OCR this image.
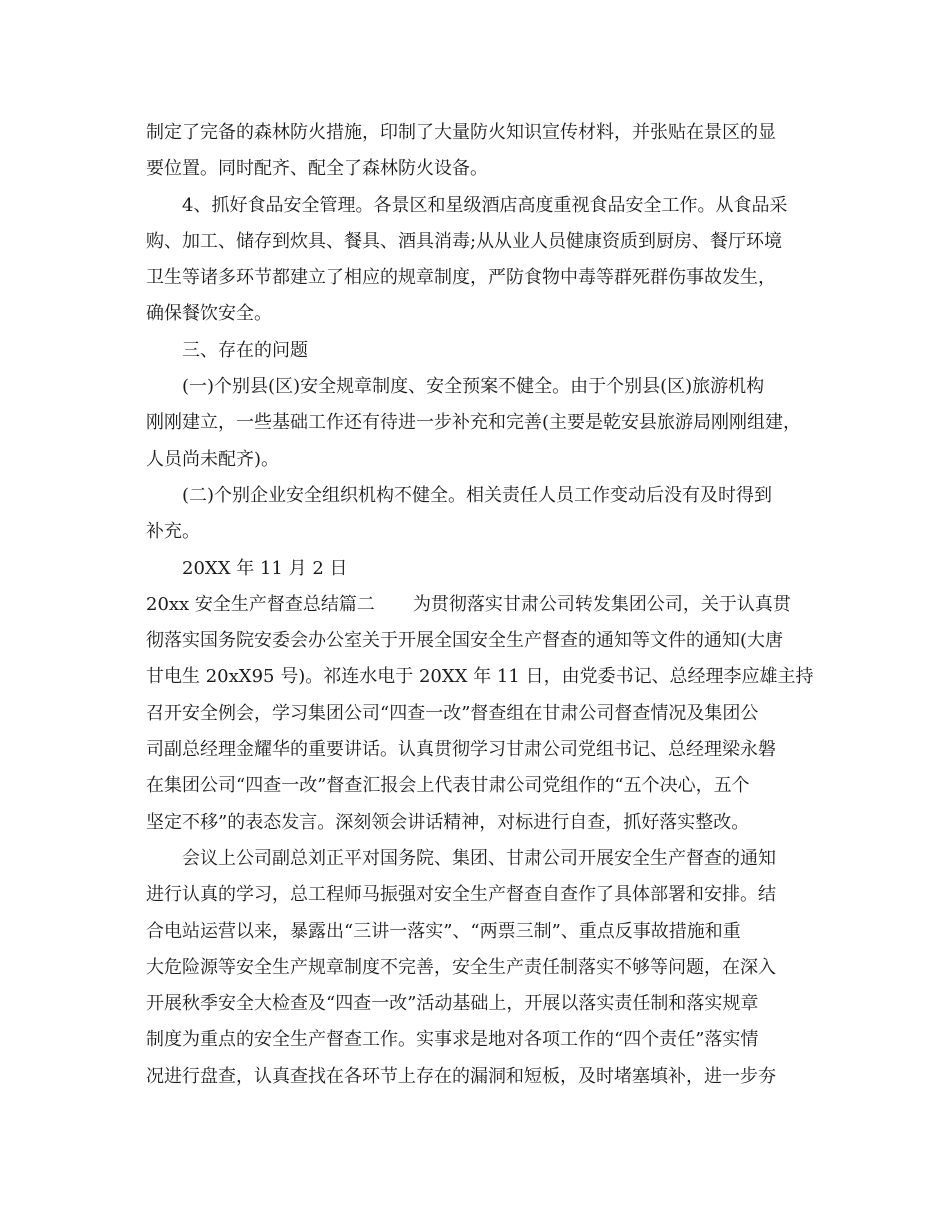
制定了完备的森林防火措施，印制了大量防火知识宣传材料，并张贴在景区的显
要位置。同时配齐、配全了森林防火设备。
4、抓好食品安全管理。各景区和星级酒店高度重视食品安全工作。从食品采
购、加工、储存到炊具、餐具、酒具消毒;从从业人员健康资质到厨房、餐厅环境
卫生等诸多环节都建立了相应的规章制度，严防食物中毒等群死群伤事故发生，
确保餐饮安全。
三、存在的问题
(一)个别县(区)安全规章制度、安全预案不健全。由于个别县(区)旅游机构
刚刚建立，一些基础工作还有待进一步补充和完善(主要是乾安县旅游局刚刚组建，
人员尚未配齐)。
(二)个别企业安全组织机构不健全。相关责任人员工作变动后没有及时得到
补充。
20XX 年 11 月 2 日
20xx 安全生产督查总结篇二 为贯彻落实甘肃公司转发集团公司，关于认真贯
彻落实国务院安委会办公室关于开展全国安全生产督查的通知等文件的通知(大唐
甘电生 20xX95 号)。祁连水电于 20XX 年 11 日，由党委书记、总经理李应雄主持
召开安全例会，学习集团公司“四查一改”督查组在甘肃公司督查情况及集团公
司副总经理金耀华的重要讲话。认真贯彻学习甘肃公司党组书记、总经理梁永磐
在集团公司“四查一改”督查汇报会上代表甘肃公司党组作的“五个决心，五个
坚定不移”的表态发言。深刻领会讲话精神，对标进行自查，抓好落实整改。
会议上公司副总刘正平对国务院、集团、甘肃公司开展安全生产督查的通知
进行认真的学习，总工程师马振强对安全生产督查自查作了具体部署和安排。结
合电站运营以来，暴露出“三讲一落实”、“两票三制”、重点反事故措施和重
大危险源等安全生产规章制度不完善，安全生产责任制落实不够等问题，在深入
开展秋季安全大检查及“四查一改”活动基础上，开展以落实责任制和落实规章
制度为重点的安全生产督查工作。实事求是地对各项工作的“四个责任”落实情
况进行盘查，认真查找在各环节上存在的漏洞和短板，及时堵塞填补，进一步夯
